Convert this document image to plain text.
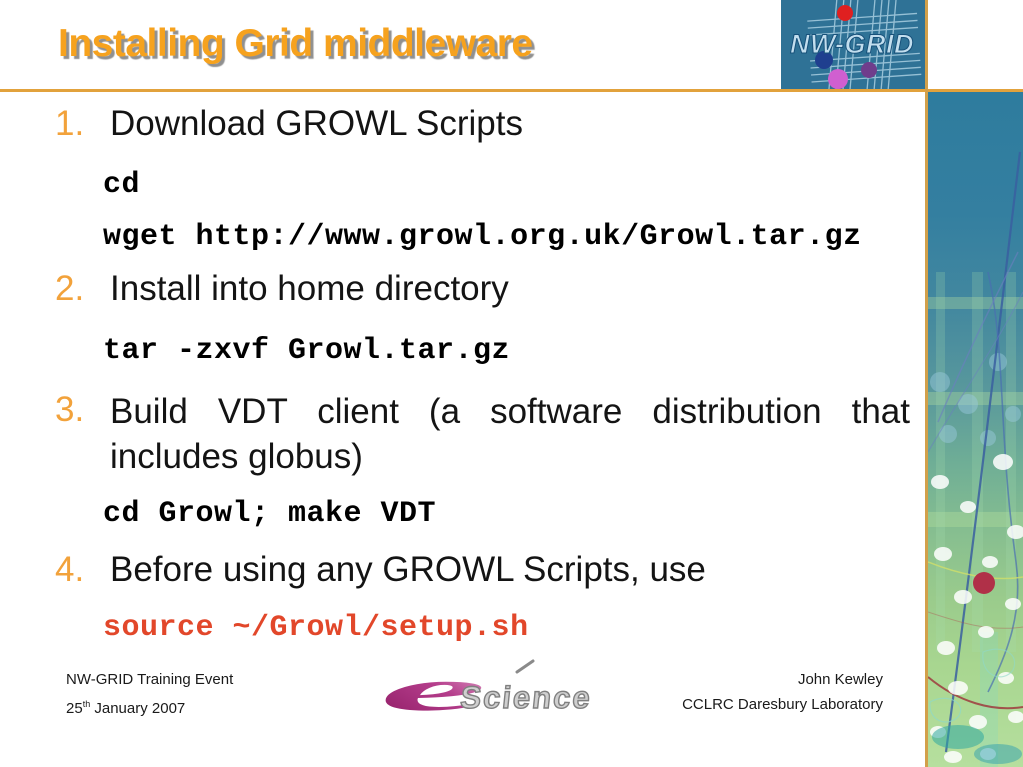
Installing Grid middleware	NW-GRID
1. Download GROWL Scripts
cd
wget http://www.growl.org.uk/Growl.tar.gz
2. Install into home directory
tar -zxvf Growl.tar.gz
3. Build VDT client (a software distribution that
includes globus)
cd Growl; make VDT
4. Before using any GROWL Scripts, use
source ~/Growl/setup.sh
NW-GRID Training Event
25th January 2007	e
Science
John Kewley
CCLRC Daresbury Laboratory
